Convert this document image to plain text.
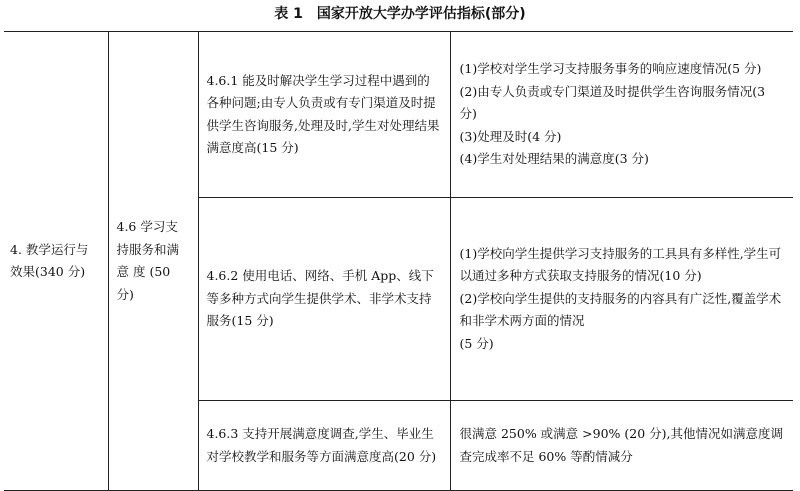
表 1 国家开放大学办学评估指标(部分)
4. 教学运行与效果(340 分)	4.6 学习支持服务和满意 度 (50 分)	4.6.1 能及时解决学生学习过程中遇到的各种问题;由专人负责或有专门渠道及时提供学生咨询服务,处理及时,学生对处理结果满意度高(15 分)	(1)学校对学生学习支持服务事务的响应速度情况(5 分)
(2)由专人负责或专门渠道及时提供学生咨询服务情况(3 分)
(3)处理及时(4 分)
(4)学生对处理结果的满意度(3 分)

		4.6.2 使用电话、网络、手机 App、线下等多种方式向学生提供学术、非学术支持服务(15 分)	(1)学校向学生提供学习支持服务的工具具有多样性,学生可以通过多种方式获取支持服务的情况(10 分)
(2)学校向学生提供的支持服务的内容具有广泛性,覆盖学术和非学术两方面的情况
(5 分)

		4.6.3 支持开展满意度调查,学生、毕业生对学校教学和服务等方面满意度高(20 分)	很满意 250% 或满意 >90% (20 分),其他情况如满意度调查完成率不足 60% 等酌情减分
